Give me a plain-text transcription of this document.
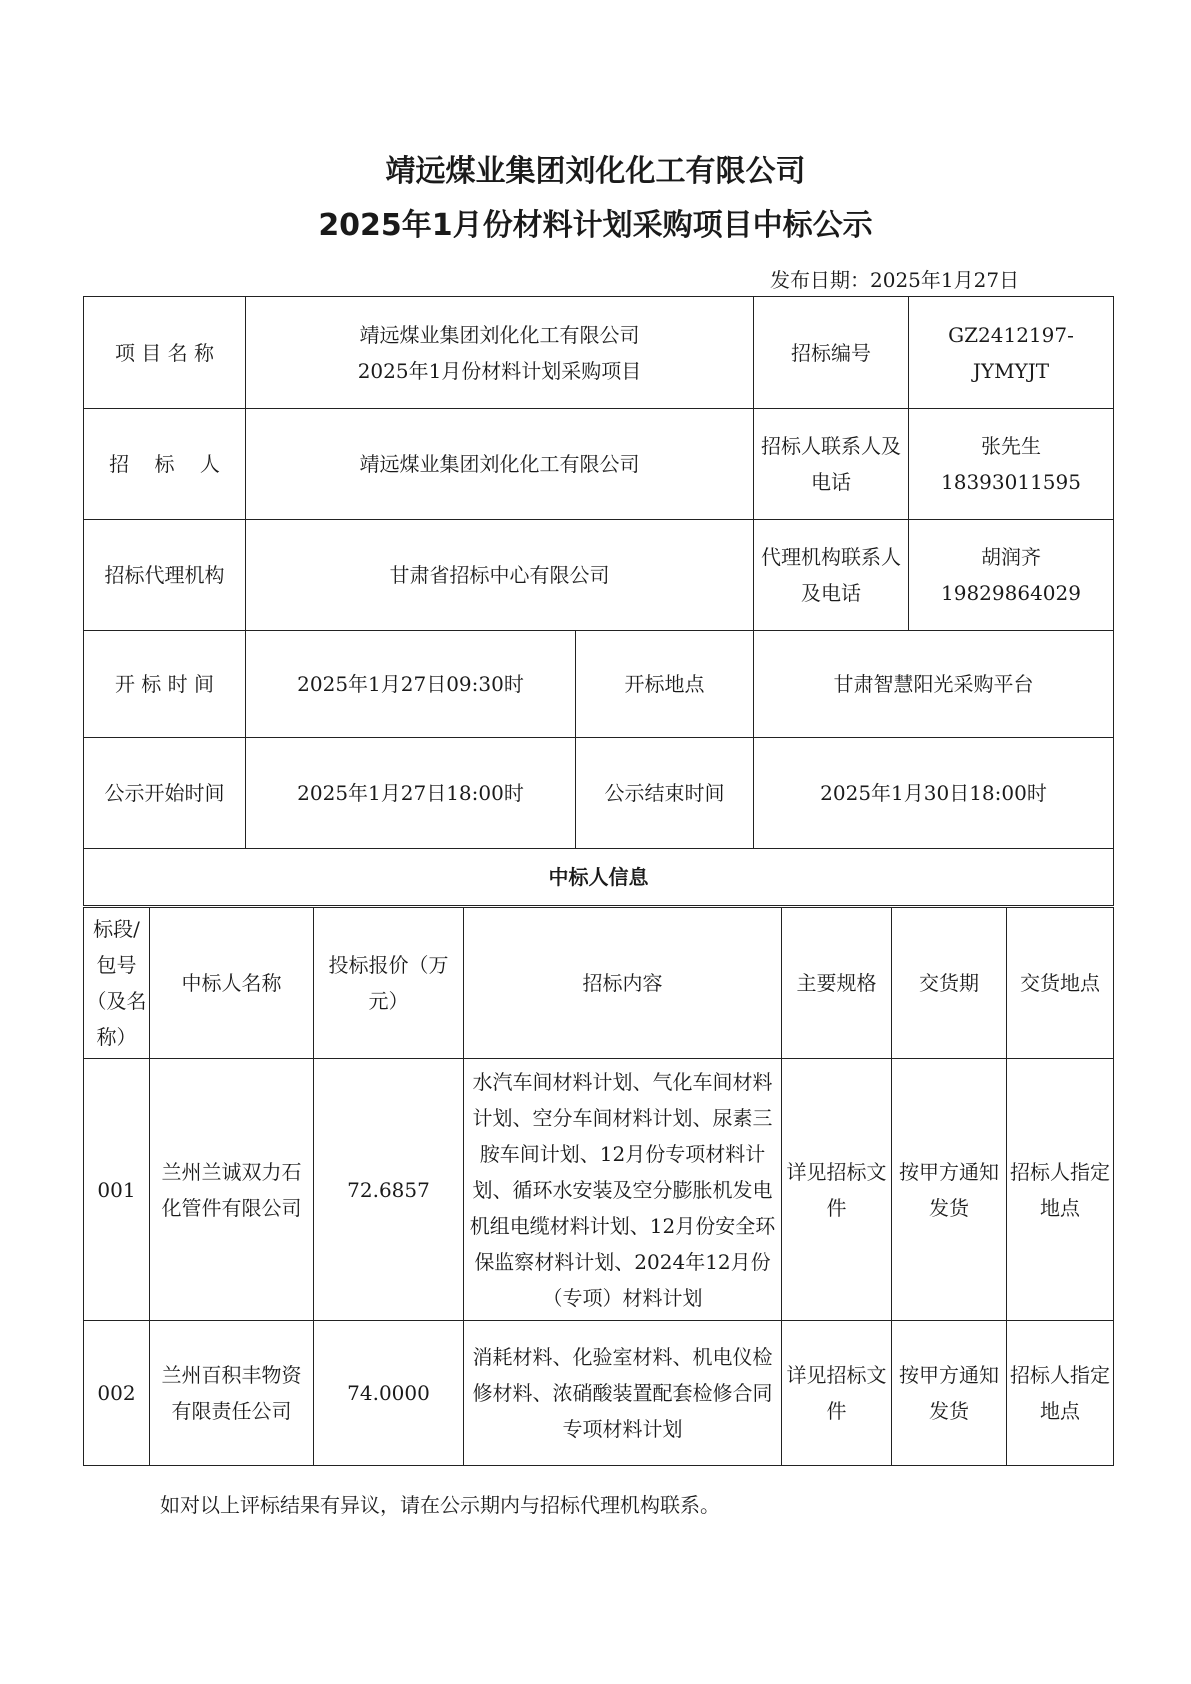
靖远煤业集团刘化化工有限公司
2025年1月份材料计划采购项目中标公示
发布日期：2025年1月27日
项 目 名 称	靖远煤业集团刘化化工有限公司
2025年1月份材料计划采购项目		招标编号	GZ2412197-JYMYJT
招    标    人	靖远煤业集团刘化化工有限公司		招标人联系人及电话	张先生
18393011595

招标代理机构	甘肃省招标中心有限公司		代理机构联系人及电话	胡润齐
19829864029

开 标 时 间	2025年1月27日09:30时	开标地点	甘肃智慧阳光采购平台	
公示开始时间	2025年1月27日18:00时	公示结束时间	2025年1月30日18:00时	
中标人信息				
标段/包号（及名称）	中标人名称	投标报价（万元）	招标内容	主要规格	交货期	交货地点
001	兰州兰诚双力石化管件有限公司	72.6857	水汽车间材料计划、气化车间材料计划、空分车间材料计划、尿素三胺车间计划、12月份专项材料计划、循环水安装及空分膨胀机发电机组电缆材料计划、12月份安全环保监察材料计划、2024年12月份（专项）材料计划	详见招标文件	按甲方通知发货	招标人指定地点
002	兰州百积丰物资有限责任公司	74.0000	消耗材料、化验室材料、机电仪检修材料、浓硝酸装置配套检修合同专项材料计划	详见招标文件	按甲方通知发货	招标人指定地点
如对以上评标结果有异议，请在公示期内与招标代理机构联系。
